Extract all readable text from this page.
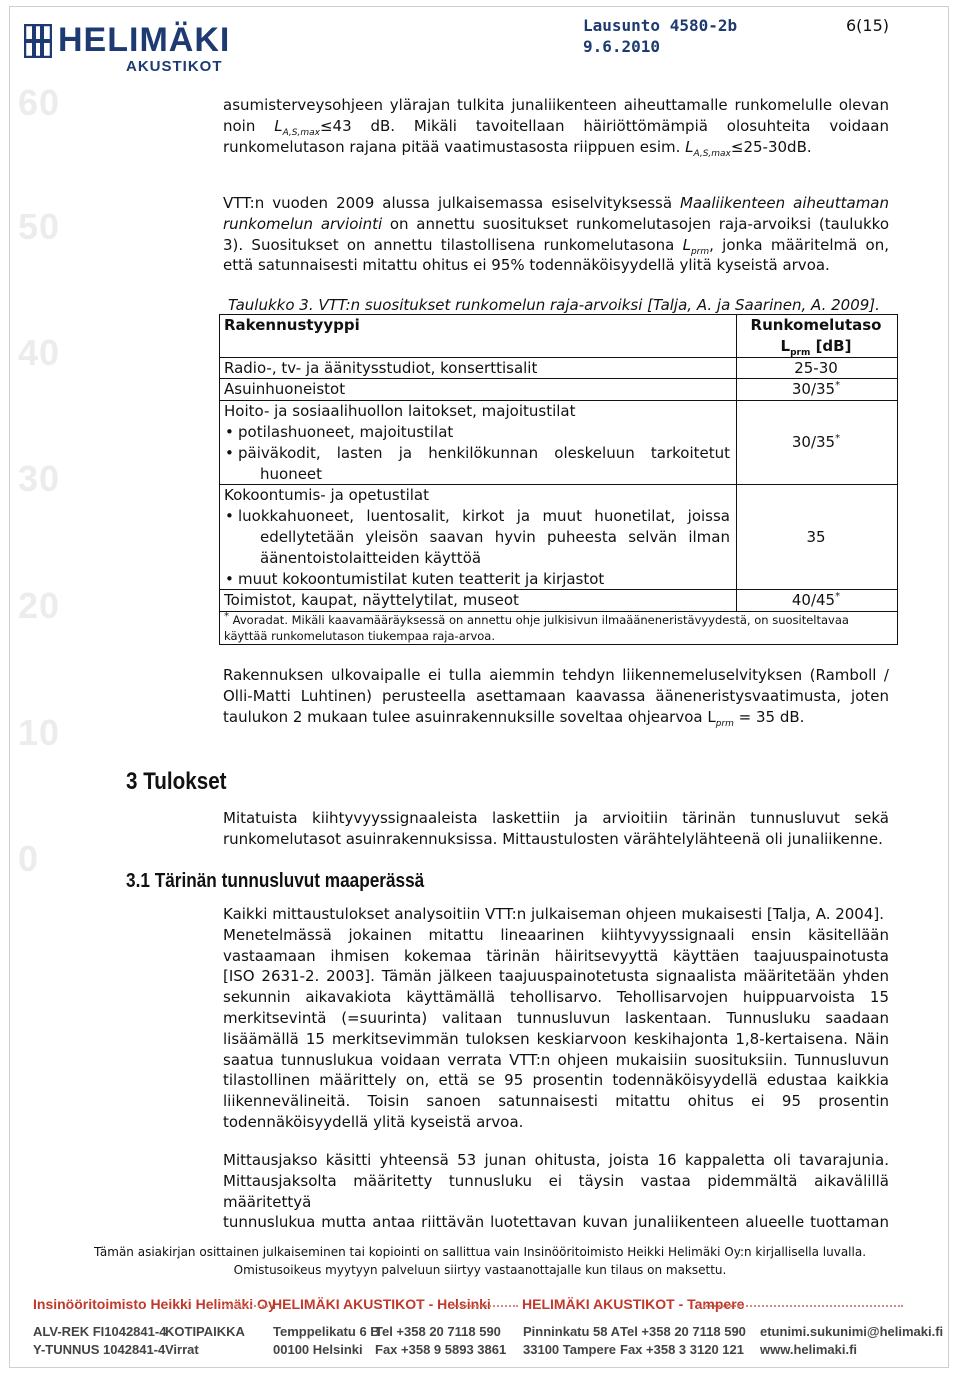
60
50
40
30
20
10
0
HELIMÄKI
AKUSTIKOT
Lausunto 4580-2b
9.6.2010
6(15)
asumisterveysohjeen ylärajan tulkita junaliikenteen aiheuttamalle runkomelulle olevan
noin $L_{A,S,max}\le 43$ dB. Mikäli tavoitellaan häiriöttömämpiä olosuhteita voidaan
runkomelutason rajana pitää vaatimustasosta riippuen esim. $L_{A,S,max}\le 25-30dB$.
VTT:n vuoden 2009 alussa julkaisemassa esiselvityksessä Maaliikenteen aiheuttaman
runkomelun arviointi on annettu suositukset runkomelutasojen raja-arvoiksi (taulukko
3). Suositukset on annettu tilastollisena runkomelutasona $L_{prm}$, jonka määritelmä on,
että satunnaisesti mitattu ohitus ei 95% todennäköisyydellä ylitä kyseistä arvoa.
Taulukko 3. VTT:n suositukset runkomelun raja-arvoiksi [Talja, A. ja Saarinen, A. 2009].
Rakennustyyppi	Runkomelutaso
$L_{prm}$ [dB]
Radio-, tv- ja äänitysstudiot, konserttisalit	25-30
Asuinhuoneistot	30/35*
Hoito- ja sosiaalihuollon laitokset, majoitustilat
• potilashuoneet, majoitustilat
• päiväkodit, lasten ja henkilökunnan oleskeluun tarkoitetut
huoneet	30/35*
Kokoontumis- ja opetustilat
• luokkahuoneet, luentosalit, kirkot ja muut huonetilat, joissa
edellytetään yleisön saavan hyvin puheesta selvän ilman
äänentoistolaitteiden käyttöä
• muut kokoontumistilat kuten teatterit ja kirjastot	35
Toimistot, kaupat, näyttelytilat, museot	40/45*
* Avoradat. Mikäli kaavamääräyksessä on annettu ohje julkisivun ilmaääneneristävyydestä, on suositeltavaa
käyttää runkomelutason tiukempaa raja-arvoa.	
Rakennuksen ulkovaipalle ei tulla aiemmin tehdyn liikennemeluselvityksen (Ramboll /
Olli-Matti Luhtinen) perusteella asettamaan kaavassa ääneneristysvaatimusta, joten
taulukon 2 mukaan tulee asuinrakennuksille soveltaa ohjearvoa $L_{prm} = 35$ dB.
3 Tulokset
Mitatuista kiihtyvyyssignaaleista laskettiin ja arvioitiin tärinän tunnusluvut sekä
runkomelutasot asuinrakennuksissa. Mittaustulosten värähtelylähteenä oli junaliikenne.
3.1 Tärinän tunnusluvut maaperässä
Kaikki mittaustulokset analysoitiin VTT:n julkaiseman ohjeen mukaisesti [Talja, A. 2004].
Menetelmässä jokainen mitattu lineaarinen kiihtyvyyssignaali ensin käsitellään
vastaamaan ihmisen kokemaa tärinän häiritsevyyttä käyttäen taajuuspainotusta
[ISO 2631-2. 2003]. Tämän jälkeen taajuuspainotetusta signaalista määritetään yhden
sekunnin aikavakiota käyttämällä tehollisarvo. Tehollisarvojen huippuarvoista 15
merkitsevintä (=suurinta) valitaan tunnusluvun laskentaan. Tunnusluku saadaan
lisäämällä 15 merkitsevimmän tuloksen keskiarvoon keskihajonta 1,8-kertaisena. Näin
saatua tunnuslukua voidaan verrata VTT:n ohjeen mukaisiin suosituksiin. Tunnusluvun
tilastollinen määrittely on, että se 95 prosentin todennäköisyydellä edustaa kaikkia
liikennevälineitä. Toisin sanoen satunnaisesti mitattu ohitus ei 95 prosentin
todennäköisyydellä ylitä kyseistä arvoa.
Mittausjakso käsitti yhteensä 53 junan ohitusta, joista 16 kappaletta oli tavarajunia.
Mittausjaksolta määritetty tunnusluku ei täysin vastaa pidemmältä aikavälillä määritettyä
tunnuslukua mutta antaa riittävän luotettavan kuvan junaliikenteen alueelle tuottaman
Tämän asiakirjan osittainen julkaiseminen tai kopiointi on sallittua vain Insinööritoimisto Heikki Helimäki Oy:n kirjallisella luvalla.
Omistusoikeus myytyyn palveluun siirtyy vastaanottajalle kun tilaus on maksettu.
Insinööritoimisto Heikki Helimäki Oy
HELIMÄKI AKUSTIKOT - Helsinki HELIMÄKI AKUSTIKOT - Tampere
ALV-REK FI1042841-4
Y-TUNNUS 1042841-4
KOTIPAIKKA
Virrat
Temppelikatu 6 B
00100 Helsinki
Tel +358 20 7118 590
Fax +358 9 5893 3861
Pinninkatu 58 A
33100 Tampere
Tel +358 20 7118 590
Fax +358 3 3120 121
etunimi.sukunimi@helimaki.fi
www.helimaki.fi
